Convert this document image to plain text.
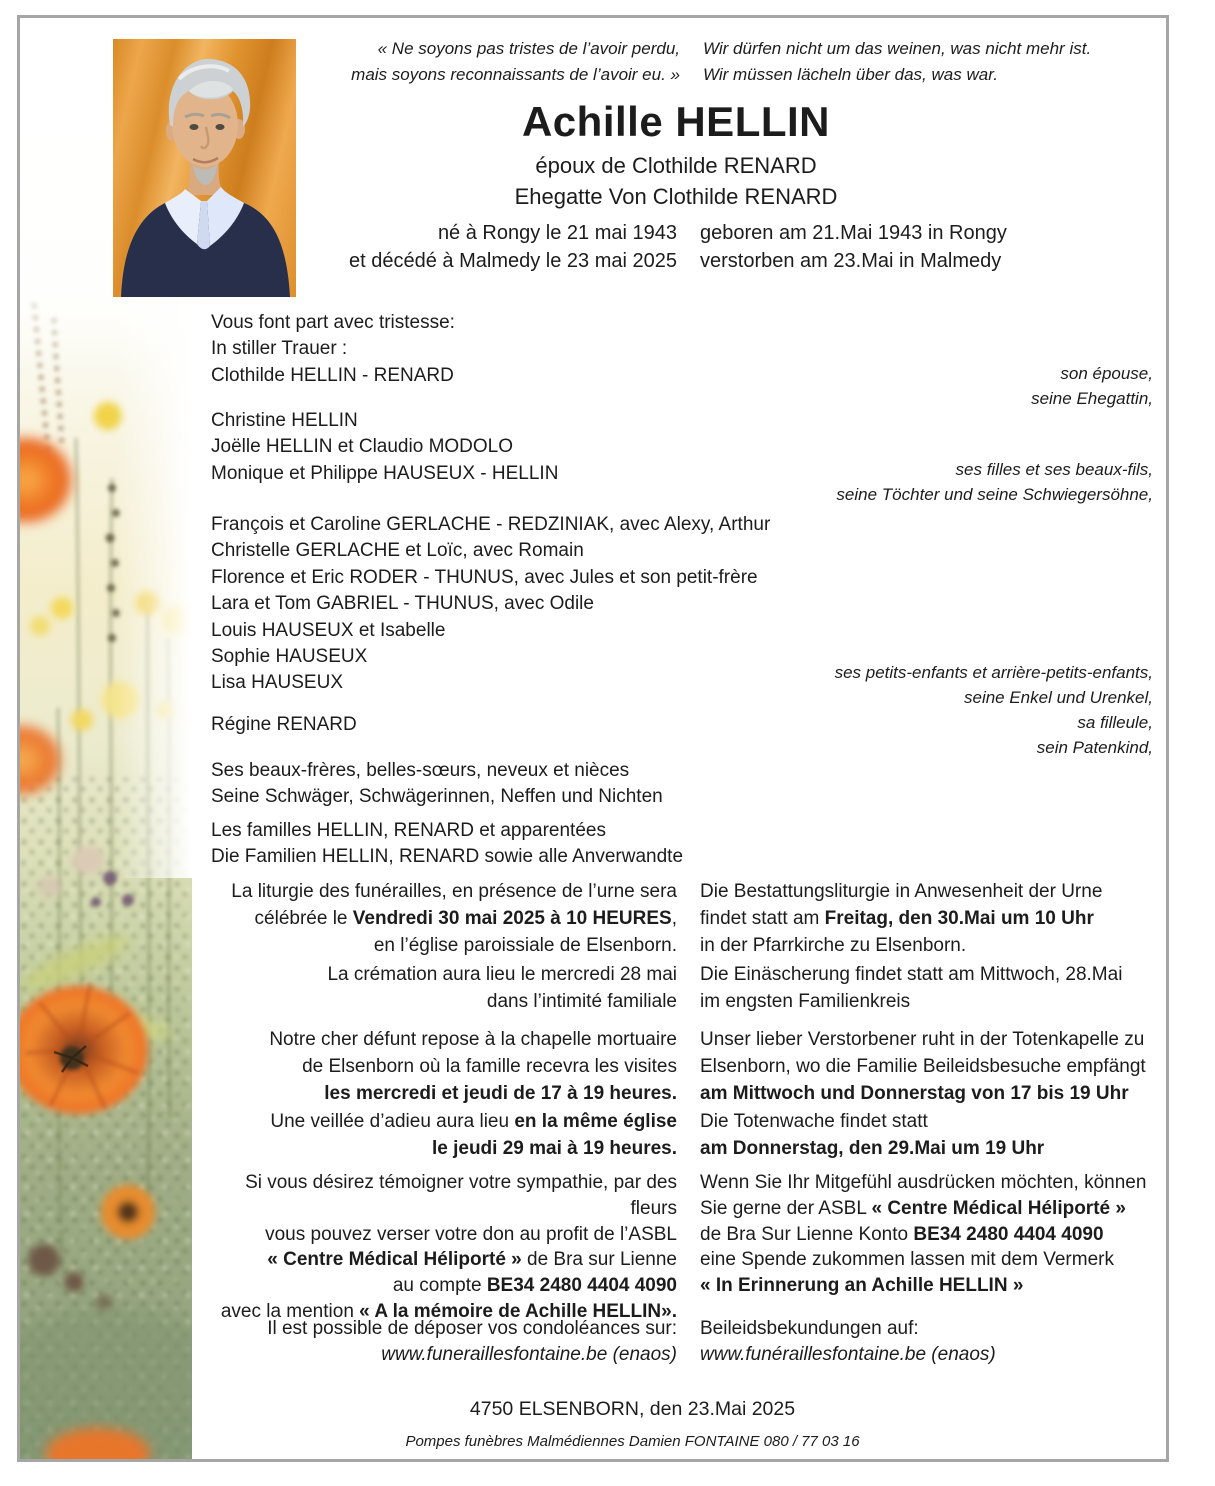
« Ne soyons pas tristes de l’avoir perdu,
mais soyons reconnaissants de l’avoir eu. »
Wir dürfen nicht um das weinen, was nicht mehr ist.
Wir müssen lächeln über das, was war.
Achille HELLIN
époux de Clothilde RENARD
Ehegatte Von Clothilde RENARD
né à Rongy le 21 mai 1943
et décédé à Malmedy le 23 mai 2025
geboren am 21.Mai 1943 in Rongy
verstorben am 23.Mai in Malmedy
Vous font part avec tristesse:
In stiller Trauer :
Clothilde HELLIN - RENARD	son épouse,
seine Ehegattin,
Christine HELLIN
Joëlle HELLIN et Claudio MODOLO
Monique et Philippe HAUSEUX - HELLIN	ses filles et ses beaux-fils,
seine Töchter und seine Schwiegersöhne,
François et Caroline GERLACHE - REDZINIAK, avec Alexy, Arthur
Christelle GERLACHE et Loïc, avec Romain
Florence et Eric RODER - THUNUS, avec Jules et son petit-frère
Lara et Tom GABRIEL - THUNUS, avec Odile
Louis HAUSEUX et Isabelle
Sophie HAUSEUX
Lisa HAUSEUX	ses petits-enfants et arrière-petits-enfants,
seine Enkel und Urenkel,
Régine RENARD	sa filleule,
sein Patenkind,
Ses beaux-frères, belles-sœurs, neveux et nièces
Seine Schwäger, Schwägerinnen, Neffen und Nichten
Les familles HELLIN, RENARD et apparentées
Die Familien HELLIN, RENARD sowie alle Anverwandte
La liturgie des funérailles, en présence de l’urne sera
célébrée le Vendredi 30 mai 2025 à 10 HEURES,
en l’église paroissiale de Elsenborn.
La crémation aura lieu le mercredi 28 mai
dans l’intimité familiale
Notre cher défunt repose à la chapelle mortuaire
de Elsenborn où la famille recevra les visites
les mercredi et jeudi de 17 à 19 heures.
Une veillée d’adieu aura lieu en la même église
le jeudi 29 mai à 19 heures.
Die Bestattungsliturgie in Anwesenheit der Urne
findet statt am Freitag, den 30.Mai um 10 Uhr
in der Pfarrkirche zu Elsenborn.
Die Einäscherung findet statt am Mittwoch, 28.Mai
im engsten Familienkreis
Unser lieber Verstorbener ruht in der Totenkapelle zu
Elsenborn, wo die Familie Beileidsbesuche empfängt
am Mittwoch und Donnerstag von 17 bis 19 Uhr
Die Totenwache findet statt
am Donnerstag, den 29.Mai um 19 Uhr
Si vous désirez témoigner votre sympathie, par des fleurs
vous pouvez verser votre don au profit de l’ASBL
« Centre Médical Héliporté » de Bra sur Lienne
au compte BE34 2480 4404 4090
avec la mention « A la mémoire de Achille HELLIN».
Wenn Sie Ihr Mitgefühl ausdrücken möchten, können
Sie gerne der ASBL « Centre Médical Héliporté »
de Bra Sur Lienne Konto BE34 2480 4404 4090
eine Spende zukommen lassen mit dem Vermerk
« In Erinnerung an Achille HELLIN »
Il est possible de déposer vos condoléances sur:
www.funeraillesfontaine.be (enaos)
Beileidsbekundungen auf:
www.funéraillesfontaine.be (enaos)
4750 ELSENBORN, den 23.Mai 2025
Pompes funèbres Malmédiennes Damien FONTAINE 080 / 77 03 16
